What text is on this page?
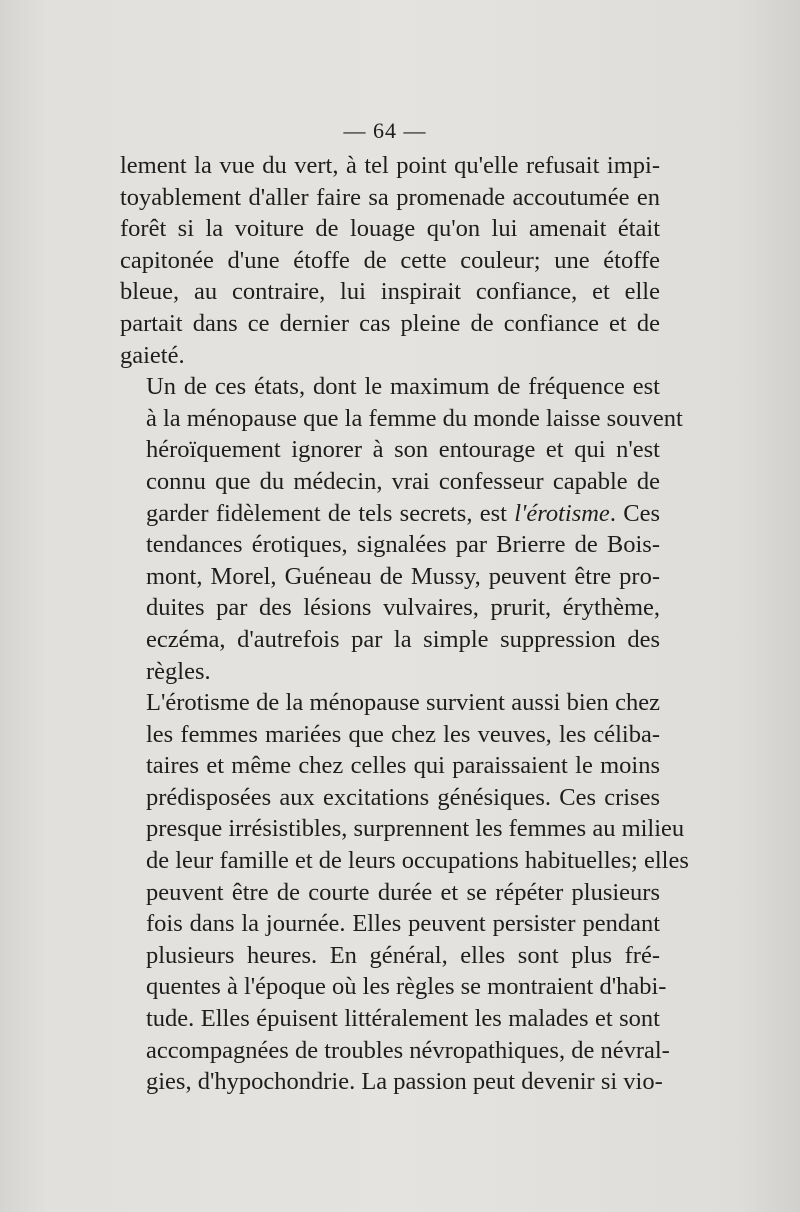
— 64 —

lement la vue du vert, à tel point qu'elle refusait impi-
toyablement d'aller faire sa promenade accoutumée en
forêt si la voiture de louage qu'on lui amenait était
capitonée d'une étoffe de cette couleur; une étoffe
bleue, au contraire, lui inspirait confiance, et elle
partait dans ce dernier cas pleine de confiance et de
gaieté.

Un de ces états, dont le maximum de fréquence est
à la ménopause que la femme du monde laisse souvent
héroïquement ignorer à son entourage et qui n'est
connu que du médecin, vrai confesseur capable de
garder fidèlement de tels secrets, est l'érotisme. Ces
tendances érotiques, signalées par Brierre de Bois-
mont, Morel, Guéneau de Mussy, peuvent être pro-
duites par des lésions vulvaires, prurit, érythème,
eczéma, d'autrefois par la simple suppression des
règles.

L'érotisme de la ménopause survient aussi bien chez
les femmes mariées que chez les veuves, les céliba-
taires et même chez celles qui paraissaient le moins
prédisposées aux excitations génésiques. Ces crises
presque irrésistibles, surprennent les femmes au milieu
de leur famille et de leurs occupations habituelles; elles
peuvent être de courte durée et se répéter plusieurs
fois dans la journée. Elles peuvent persister pendant
plusieurs heures. En général, elles sont plus fré-
quentes à l'époque où les règles se montraient d'habi-
tude. Elles épuisent littéralement les malades et sont
accompagnées de troubles névropathiques, de névral-
gies, d'hypochondrie. La passion peut devenir si vio-
